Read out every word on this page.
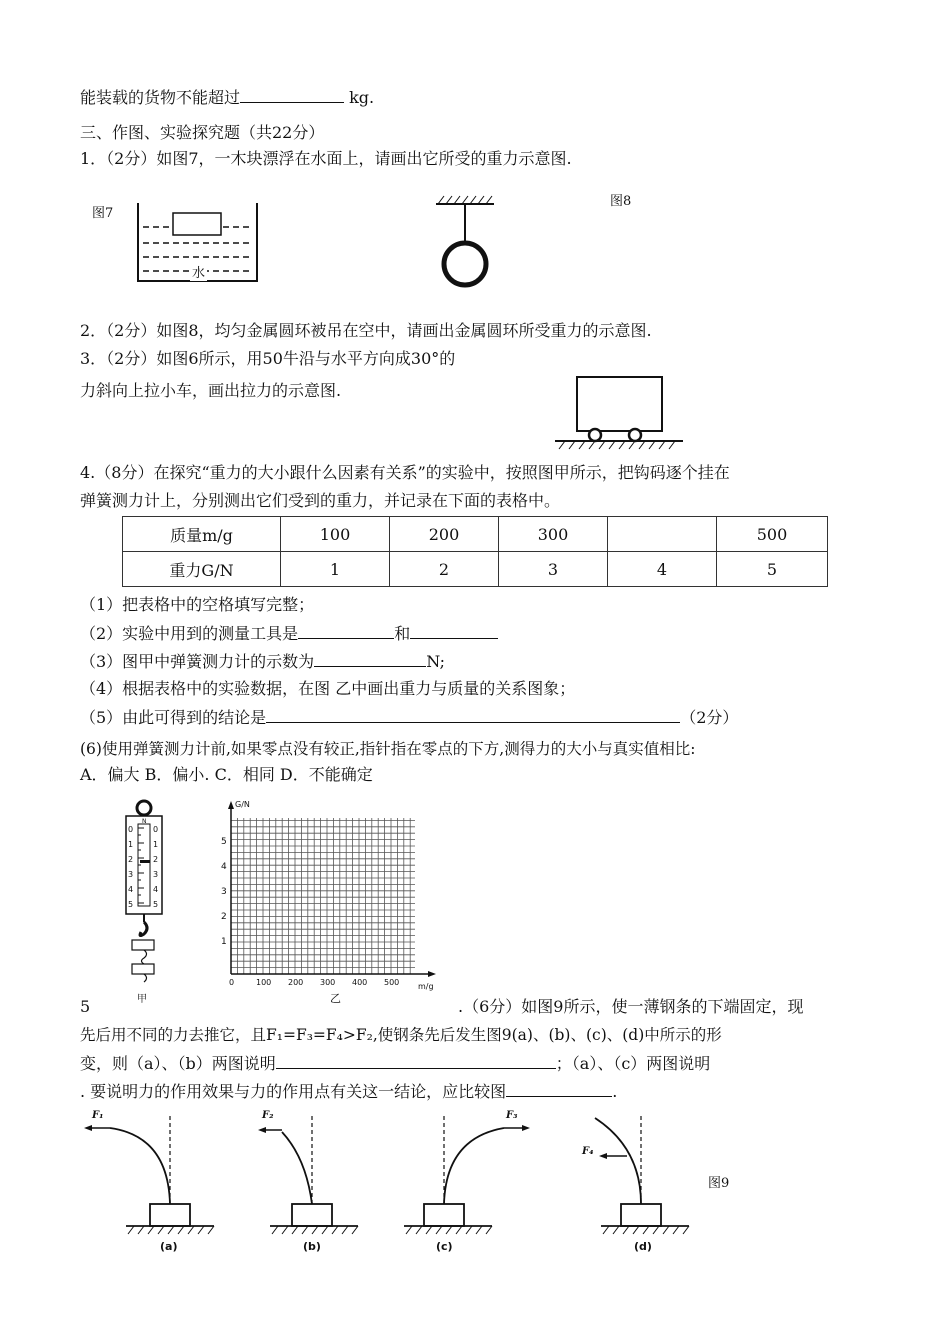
能装载的货物不能超过	kg.
三、作图、实验探究题（共22分）
1．（2分）如图7，一木块漂浮在水面上，请画出它所受的重力示意图.
图7
水
图8
2．（2分）如图8，均匀金属圆环被吊在空中，请画出金属圆环所受重力的示意图.
3．（2分）如图6所示，用50牛沿与水平方向成30°的
力斜向上拉小车，画出拉力的示意图.
4.（8分）在探究“重力的大小跟什么因素有关系”的实验中，按照图甲所示，把钩码逐个挂在
弹簧测力计上，分别测出它们受到的重力，并记录在下面的表格中。
质量m/g	100	200	300		500
重力G/N	1	2	3	4	5
（1）把表格中的空格填写完整；
（2）实验中用到的测量工具是	和
（3）图甲中弹簧测力计的示数为	N;
（4）根据表格中的实验数据，在图 乙中画出重力与质量的关系图象；
（5）由此可得到的结论是	（2分）
(6)使用弹簧测力计前,如果零点没有较正,指针指在零点的下方,测得力的大小与真实值相比:
A．偏大 B．偏小. C．相同 D．不能确定
N
0
1
2
3
4
5
0
1
2
3
4
5
甲
G/N
m/g
1
2
3
4
5
0	100 200 300 400 500
乙
5	.（6分）如图9所示，使一薄钢条的下端固定，现
先后用不同的力去推它，且F₁=F₃=F₄>F₂,使钢条先后发生图9(a)、(b)、(c)、(d)中所示的形
变，则（a）、（b）两图说明	；（a）、（c）两图说明
. 要说明力的作用效果与力的作用点有关这一结论，应比较图	.
F₁
(a)
F₂
(b)
F₃
(c)
F₄
(d)
图9
